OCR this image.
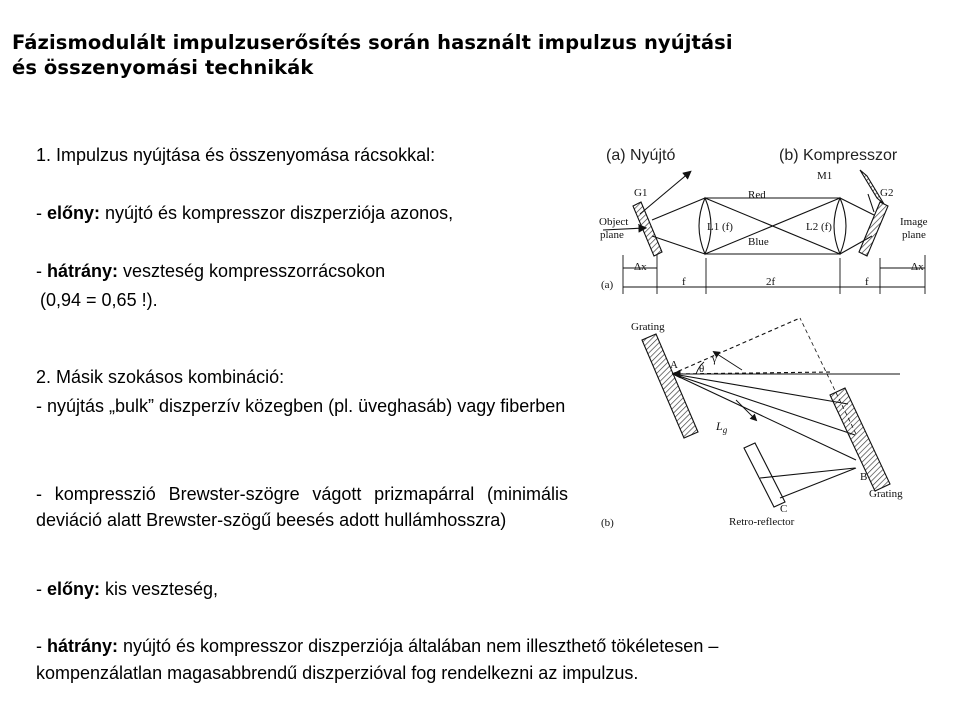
Fázismodulált impulzuserősítés során használt impulzus nyújtási
és összenyomási technikák
1. Impulzus nyújtása és összenyomása rácsokkal:
- előny: nyújtó és kompresszor diszperziója azonos,
- hátrány: veszteség kompresszorrácsokon
(0,94 = 0,65 !).
2. Másik szokásos kombináció:
- nyújtás „bulk” diszperzív közegben (pl. üveghasáb) vagy fiberben
- kompresszió Brewster-szögre vágott prizmapárral (minimális deviáció alatt Brewster-szögű beesés adott hullámhosszra)
- előny: kis veszteség,
- hátrány: nyújtó és kompresszor diszperziója általában nem illeszthető tökéletesen –
kompenzálatlan magasabbrendű diszperzióval fog rendelkezni az impulzus.
(a) Nyújtó	(b) Kompresszor
G1	G2
M1
Red
Blue
L1 (f)	L2 (f)
Object
plane
Image
plane
Δx	Δx
f	2f	f
(a)
Grating
Grating
A
B
C
γ
θ
$L_g$
Retro-reflector
(b)
